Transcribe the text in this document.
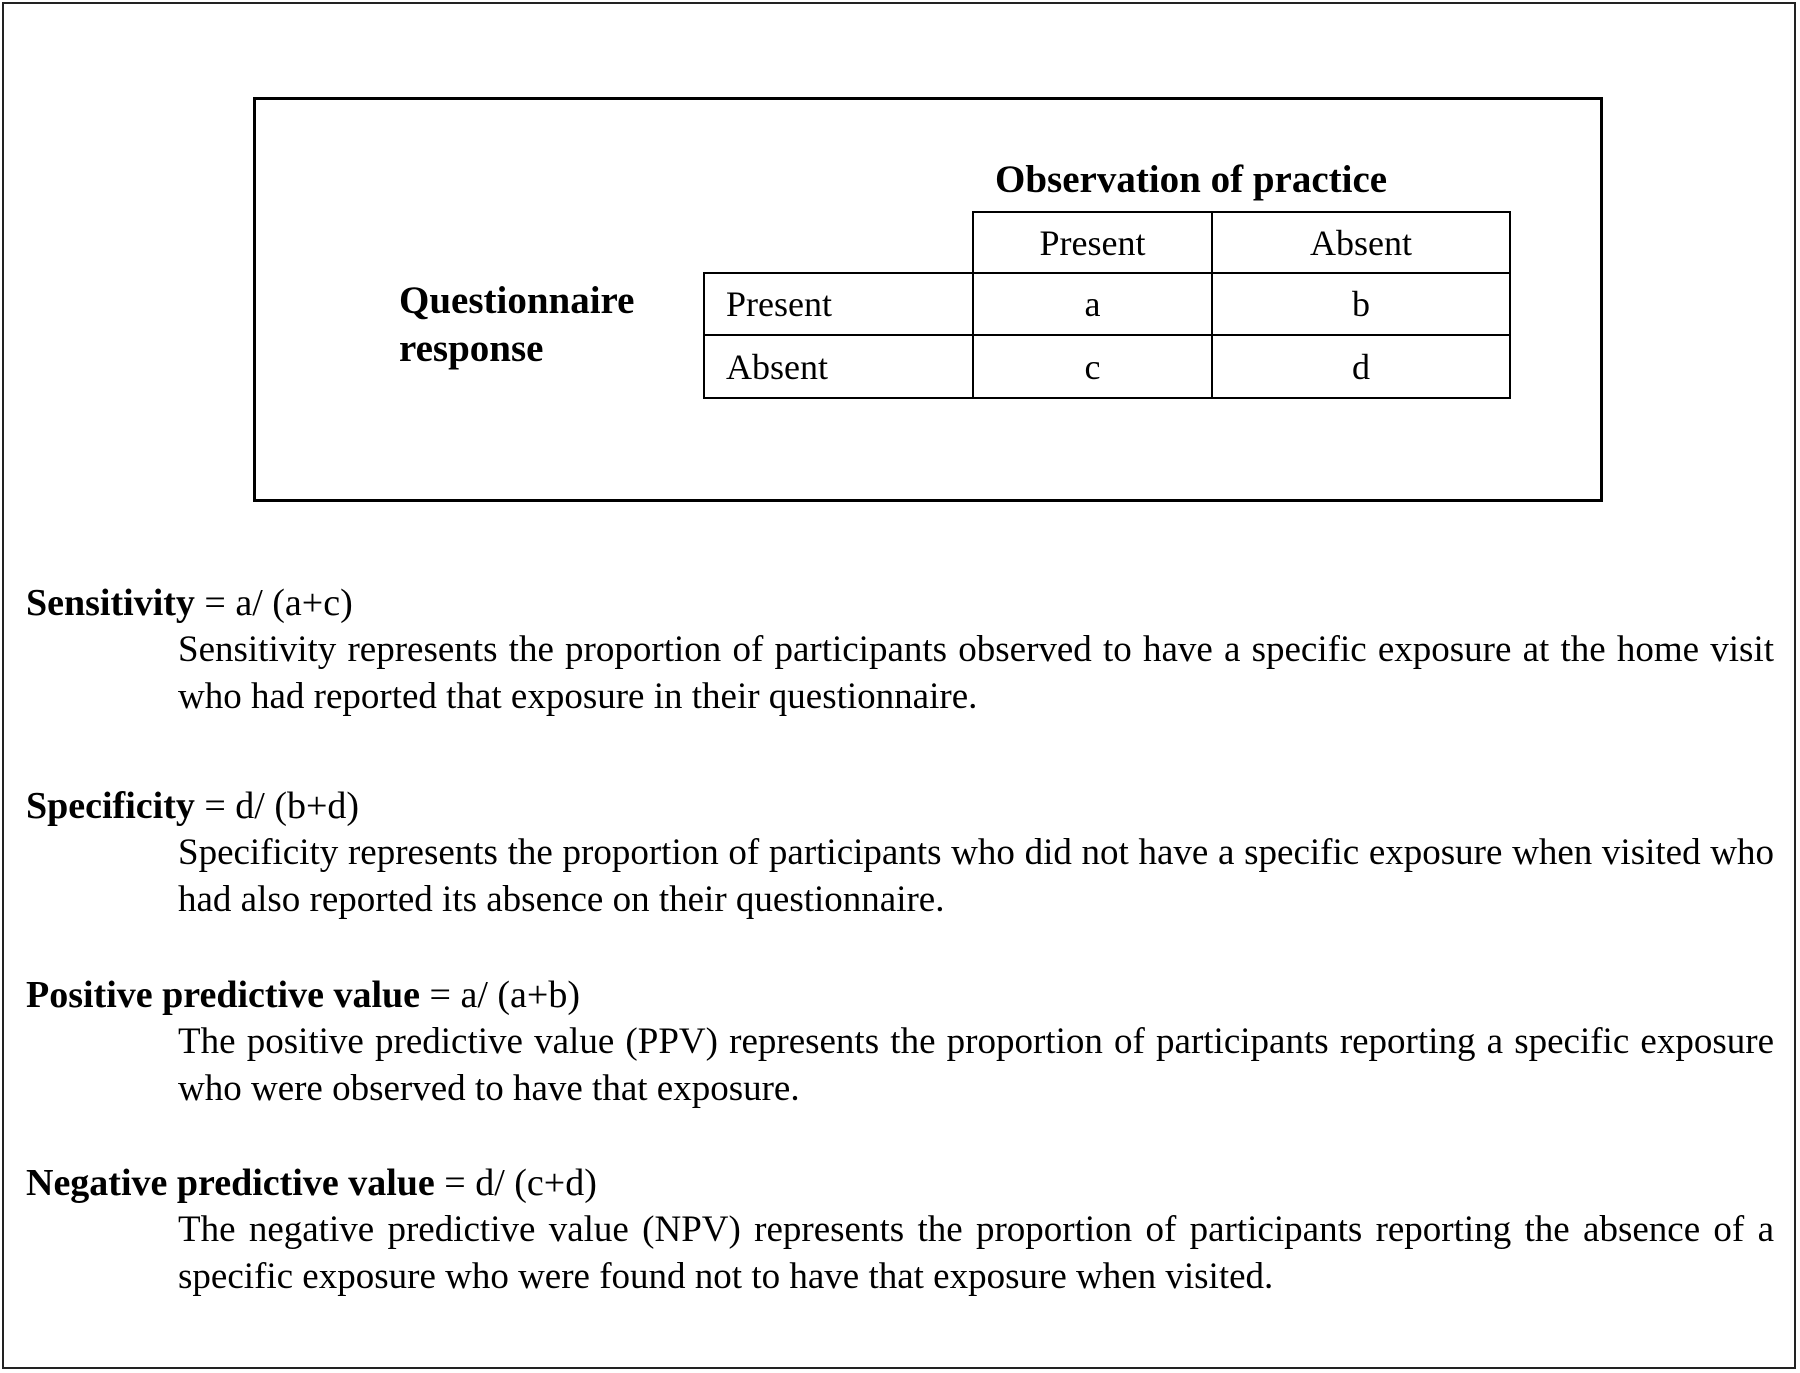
Observation of practice
Questionnaire response
Present	Absent
Present	a	b
Absent	c	d
Sensitivity = a/ (a+c)
Sensitivity represents the proportion of participants observed to have a specific exposure at the home visit who had reported that exposure in their questionnaire.
Specificity = d/ (b+d)
Specificity represents the proportion of participants who did not have a specific exposure when visited who had also reported its absence on their questionnaire.
Positive predictive value = a/ (a+b)
The positive predictive value (PPV) represents the proportion of participants reporting a specific exposure who were observed to have that exposure.
Negative predictive value = d/ (c+d)
The negative predictive value (NPV) represents the proportion of participants reporting the absence of a specific exposure who were found not to have that exposure when visited.
